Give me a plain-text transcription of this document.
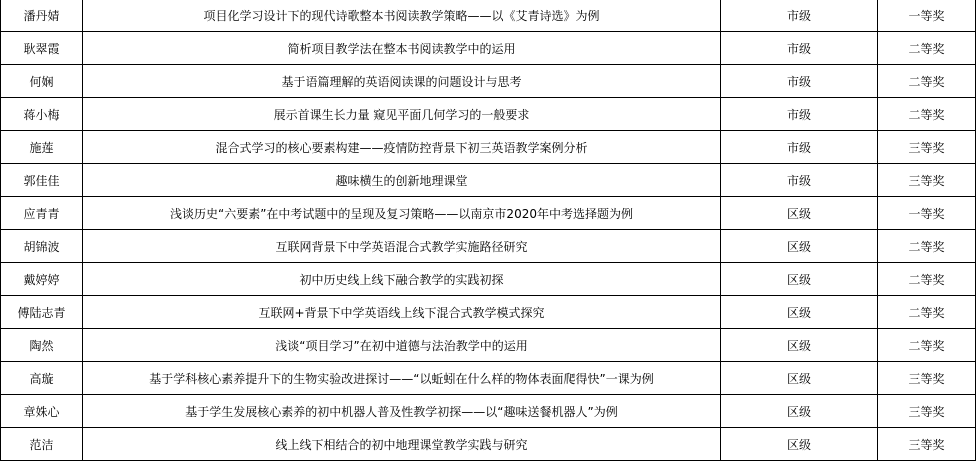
潘丹婧	项目化学习设计下的现代诗歌整本书阅读教学策略——以《艾青诗选》为例	市级	一等奖
耿翠霞	简析项目教学法在整本书阅读教学中的运用	市级	二等奖
何娴	基于语篇理解的英语阅读课的问题设计与思考	市级	二等奖
蒋小梅	展示首课生长力量 窥见平面几何学习的一般要求	市级	二等奖
施莲	混合式学习的核心要素构建——疫情防控背景下初三英语教学案例分析	市级	三等奖
郭佳佳	趣味横生的创新地理课堂	市级	三等奖
应青青	浅谈历史“六要素”在中考试题中的呈现及复习策略——以南京市2020年中考选择题为例	区级	一等奖
胡锦波	互联网背景下中学英语混合式教学实施路径研究	区级	二等奖
戴婷婷	初中历史线上线下融合教学的实践初探	区级	二等奖
傅陆志青	互联网+背景下中学英语线上线下混合式教学模式探究	区级	二等奖
陶然	浅谈“项目学习”在初中道德与法治教学中的运用	区级	二等奖
高璇	基于学科核心素养提升下的生物实验改进探讨——“以蚯蚓在什么样的物体表面爬得快”一课为例	区级	三等奖
章姝心	基于学生发展核心素养的初中机器人普及性教学初探——以“趣味送餐机器人”为例	区级	三等奖
范洁	线上线下相结合的初中地理课堂教学实践与研究	区级	三等奖
